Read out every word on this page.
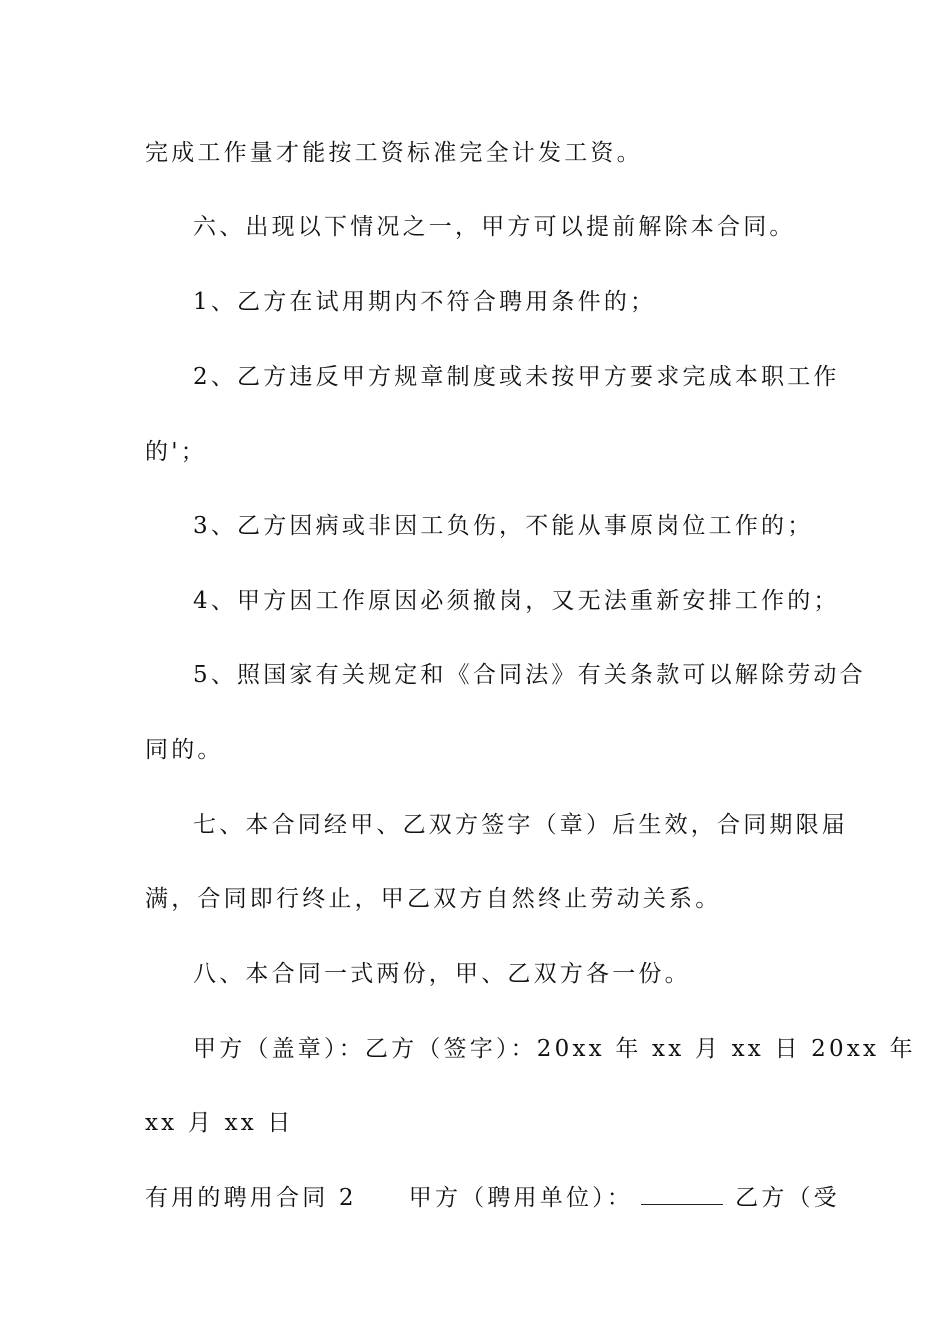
完成工作量才能按工资标准完全计发工资。
六、出现以下情况之一，甲方可以提前解除本合同。
1、乙方在试用期内不符合聘用条件的；
2、乙方违反甲方规章制度或未按甲方要求完成本职工作
的'；
3、乙方因病或非因工负伤，不能从事原岗位工作的；
4、甲方因工作原因必须撤岗，又无法重新安排工作的；
5、照国家有关规定和《合同法》有关条款可以解除劳动合
同的。
七、本合同经甲、乙双方签字（章）后生效，合同期限届
满，合同即行终止，甲乙双方自然终止劳动关系。
八、本合同一式两份，甲、乙双方各一份。
甲方（盖章）：乙方（签字）：20xx 年 xx 月 xx 日 20xx 年
xx 月 xx 日
有用的聘用合同 2 甲方（聘用单位）：	乙方（受
